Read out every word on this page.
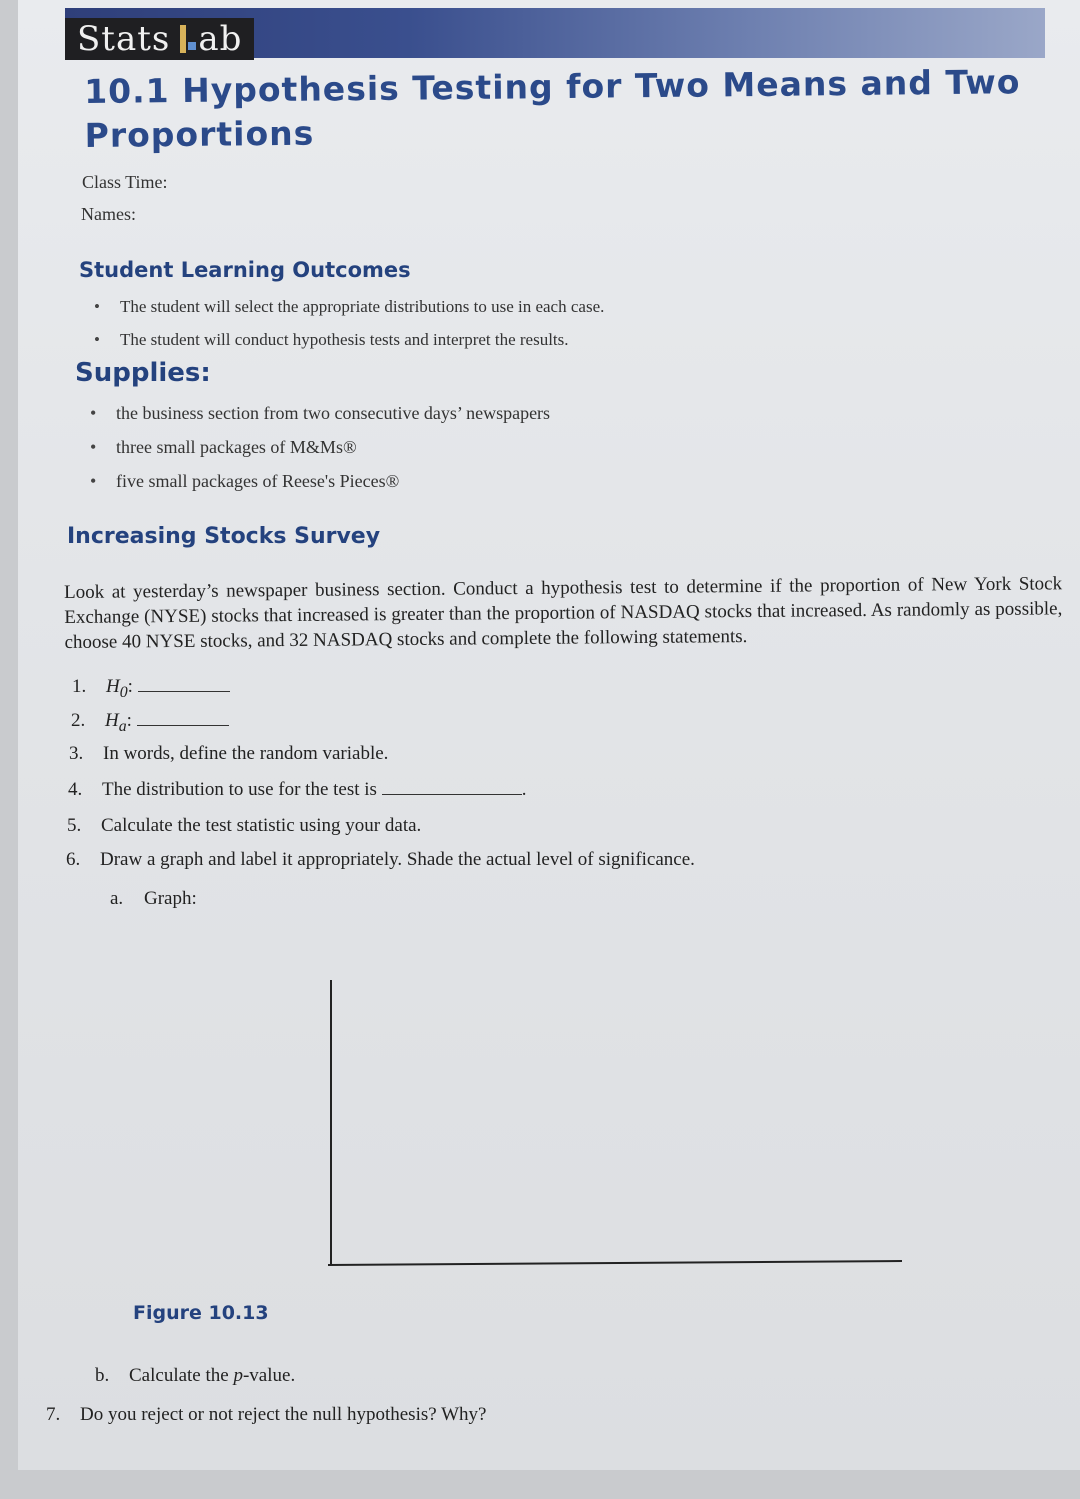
Stats ab
10.1 Hypothesis Testing for Two Means and Two Proportions
Class Time:
Names:
Student Learning Outcomes
• The student will select the appropriate distributions to use in each case.
• The student will conduct hypothesis tests and interpret the results.
Supplies:
• the business section from two consecutive days’ newspapers
• three small packages of M&Ms®
• five small packages of Reese's Pieces®
Increasing Stocks Survey
Look at yesterday’s newspaper business section. Conduct a hypothesis test to determine if the proportion of New York Stock Exchange (NYSE) stocks that increased is greater than the proportion of NASDAQ stocks that increased. As randomly as possible, choose 40 NYSE stocks, and 32 NASDAQ stocks and complete the following statements.
1. $H_0$:
2. $H_a$:
3. In words, define the random variable.
4. The distribution to use for the test is	.
5. Calculate the test statistic using your data.
6. Draw a graph and label it appropriately. Shade the actual level of significance.
a. Graph:
Figure 10.13
b. Calculate the p-value.
7. Do you reject or not reject the null hypothesis? Why?
